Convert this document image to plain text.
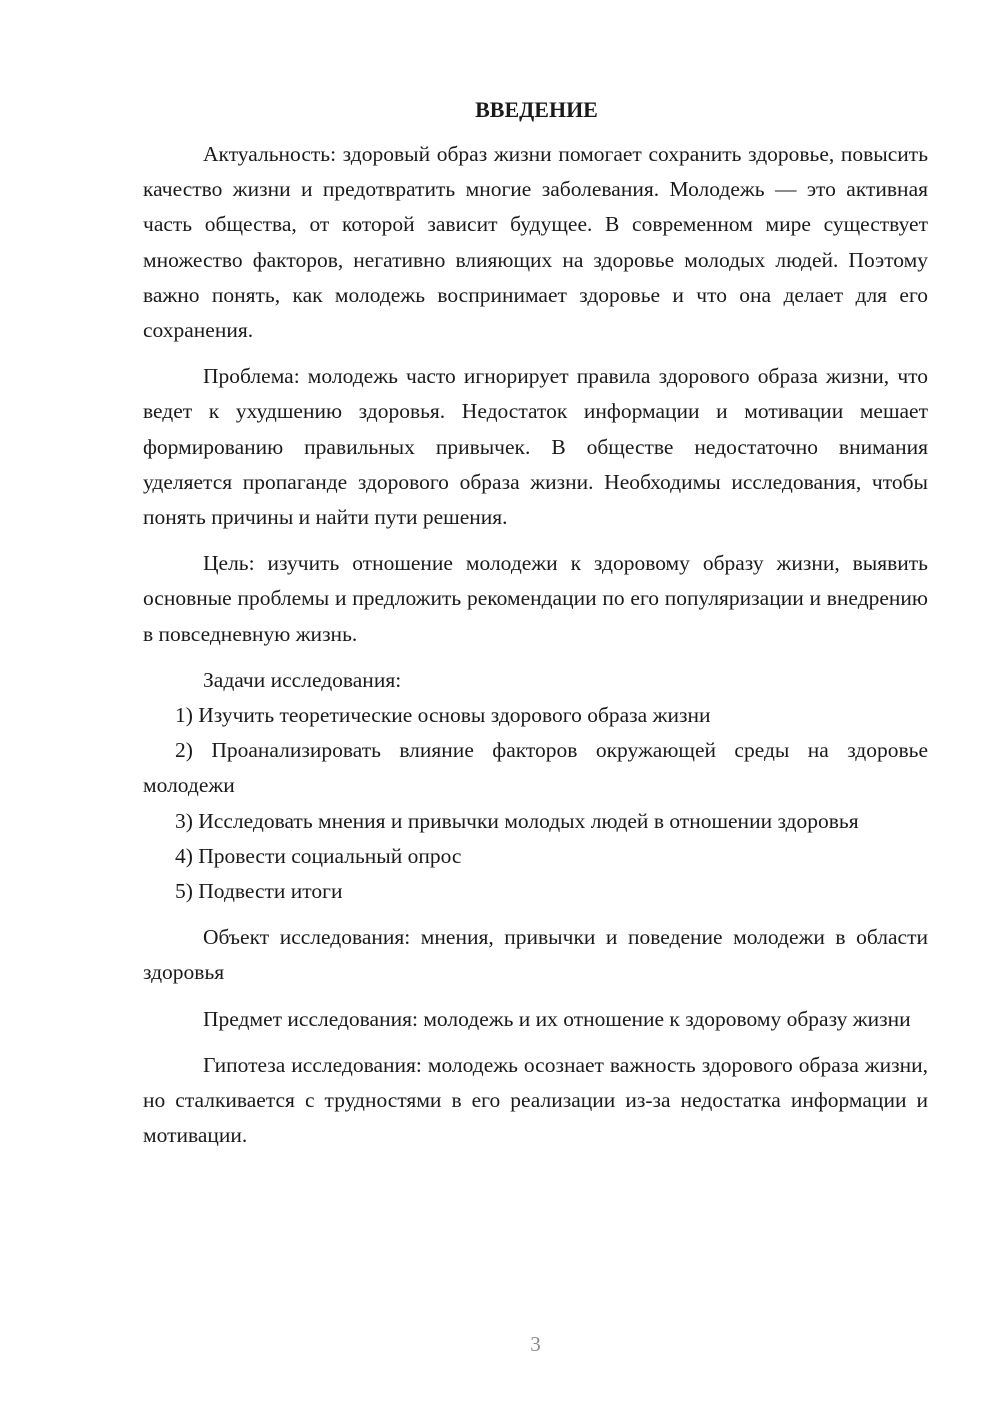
ВВЕДЕНИЕ

Актуальность: здоровый образ жизни помогает сохранить здоровье, повысить качество жизни и предотвратить многие заболевания. Молодежь — это активная часть общества, от которой зависит будущее. В современном мире существует множество факторов, негативно влияющих на здоровье молодых людей. Поэтому важно понять, как молодежь воспринимает здоровье и что она делает для его сохранения.

Проблема: молодежь часто игнорирует правила здорового образа жизни, что ведет к ухудшению здоровья. Недостаток информации и мотивации мешает формированию правильных привычек. В обществе недостаточно внимания уделяется пропаганде здорового образа жизни. Необходимы исследования, чтобы понять причины и найти пути решения.

Цель: изучить отношение молодежи к здоровому образу жизни, выявить основные проблемы и предложить рекомендации по его популяризации и внедрению в повседневную жизнь.

Задачи исследования:

1) Изучить теоретические основы здорового образа жизни

2) Проанализировать влияние факторов окружающей среды на здоровье молодежи

3) Исследовать мнения и привычки молодых людей в отношении здоровья

4) Провести социальный опрос

5) Подвести итоги

Объект исследования: мнения, привычки и поведение молодежи в области здоровья

Предмет исследования: молодежь и их отношение к здоровому образу жизни

Гипотеза исследования: молодежь осознает важность здорового образа жизни, но сталкивается с трудностями в его реализации из-за недостатка информации и мотивации.

3
